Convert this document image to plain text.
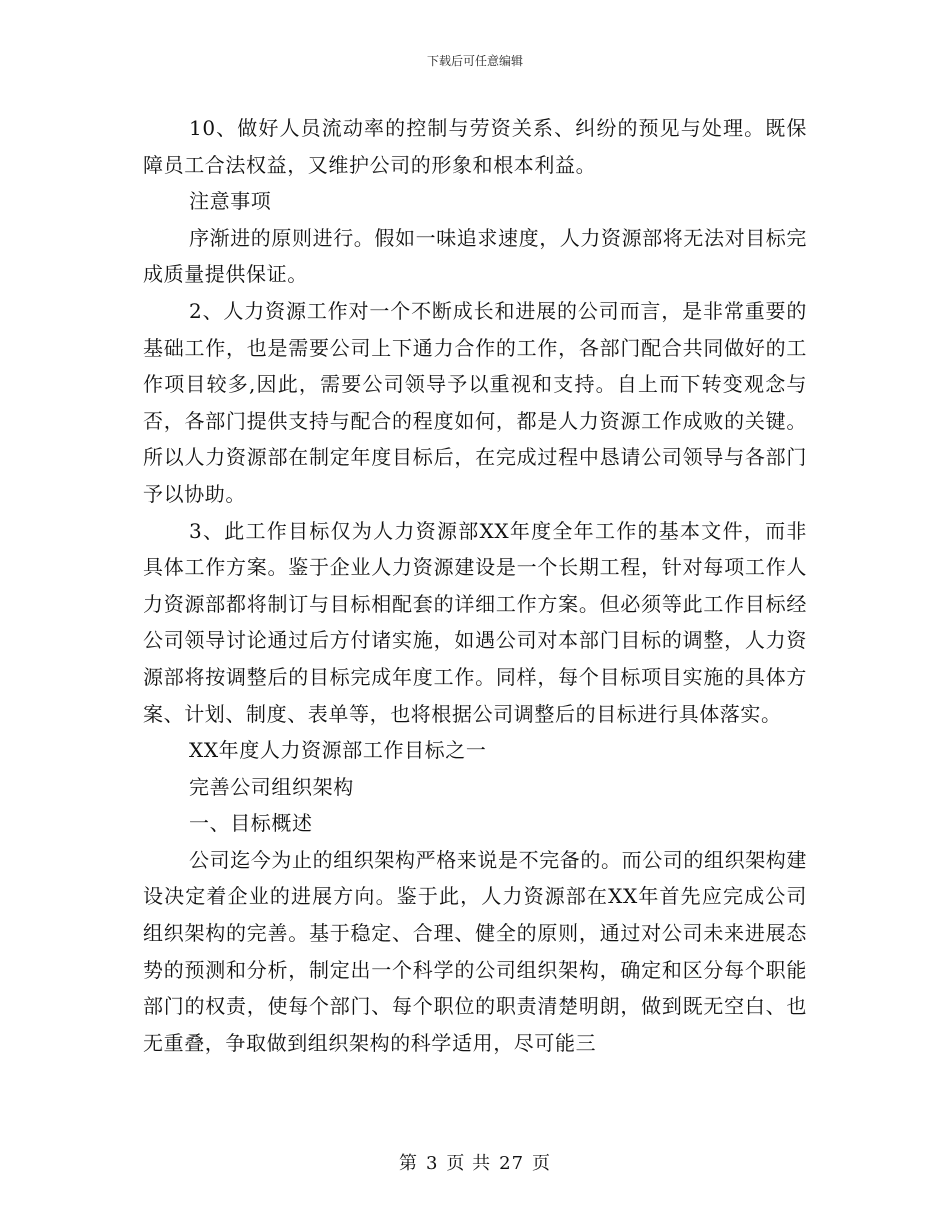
下载后可任意编辑

10、做好人员流动率的控制与劳资关系、纠纷的预见与处理。既保障员工合法权益，又维护公司的形象和根本利益。

注意事项

序渐进的原则进行。假如一味追求速度，人力资源部将无法对目标完成质量提供保证。

2、人力资源工作对一个不断成长和进展的公司而言，是非常重要的基础工作，也是需要公司上下通力合作的工作，各部门配合共同做好的工作项目较多,因此，需要公司领导予以重视和支持。自上而下转变观念与否，各部门提供支持与配合的程度如何，都是人力资源工作成败的关键。所以人力资源部在制定年度目标后，在完成过程中恳请公司领导与各部门予以协助。

3、此工作目标仅为人力资源部XX年度全年工作的基本文件，而非具体工作方案。鉴于企业人力资源建设是一个长期工程，针对每项工作人力资源部都将制订与目标相配套的详细工作方案。但必须等此工作目标经公司领导讨论通过后方付诸实施，如遇公司对本部门目标的调整，人力资源部将按调整后的目标完成年度工作。同样，每个目标项目实施的具体方案、计划、制度、表单等，也将根据公司调整后的目标进行具体落实。

XX年度人力资源部工作目标之一

完善公司组织架构

一、目标概述

公司迄今为止的组织架构严格来说是不完备的。而公司的组织架构建设决定着企业的进展方向。鉴于此，人力资源部在XX年首先应完成公司组织架构的完善。基于稳定、合理、健全的原则，通过对公司未来进展态势的预测和分析，制定出一个科学的公司组织架构，确定和区分每个职能部门的权责，使每个部门、每个职位的职责清楚明朗，做到既无空白、也无重叠，争取做到组织架构的科学适用，尽可能三

第 3 页 共 27 页
